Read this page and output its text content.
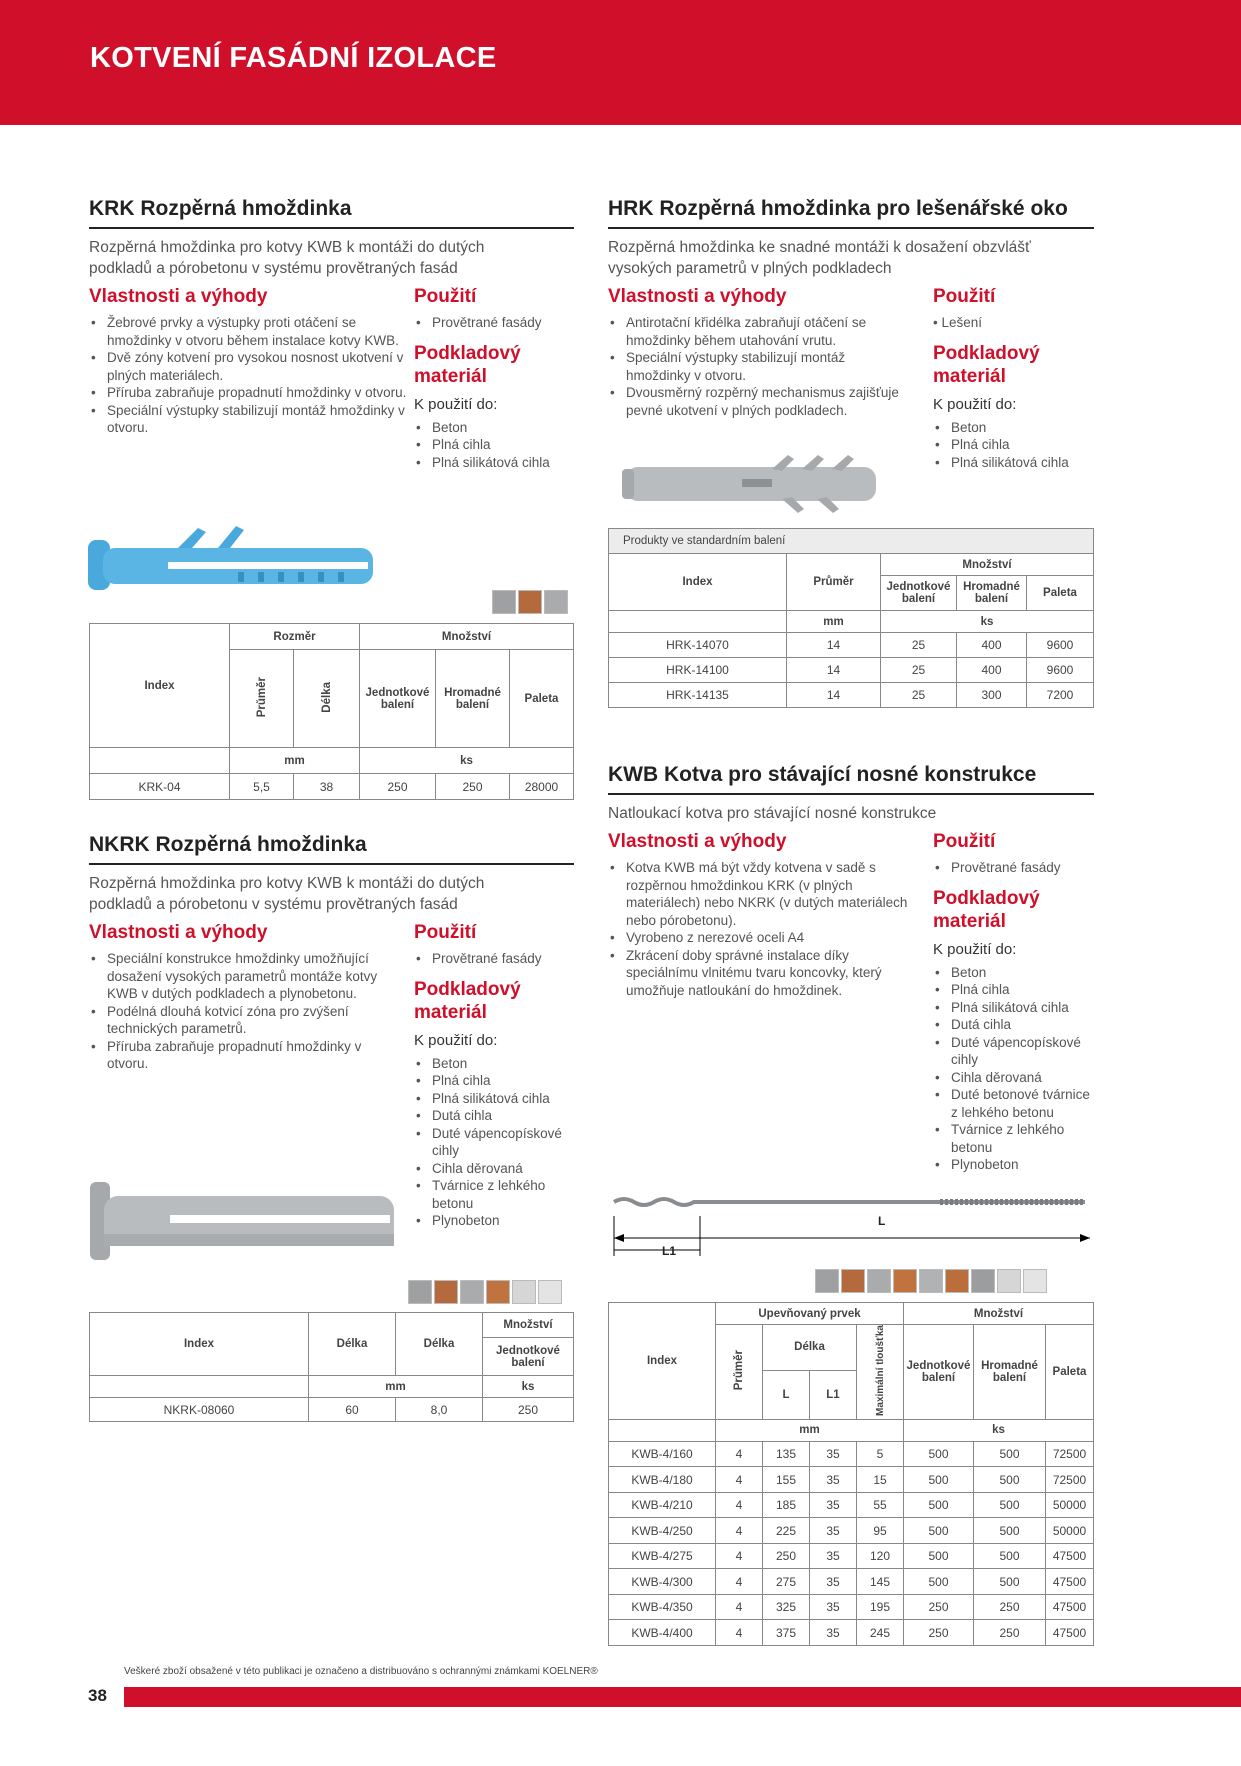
KOTVENÍ FASÁDNÍ IZOLACE
KRK Rozpěrná hmoždinka
Rozpěrná hmoždinka pro kotvy KWB k montáži do dutých
podkladů a pórobetonu v systému provětraných fasád
Vlastnosti a výhody
• Žebrové prvky a výstupky proti otáčení se hmoždinky v otvoru během instalace kotvy KWB.
• Dvě zóny kotvení pro vysokou nosnost ukotvení v plných materiálech.
• Příruba zabraňuje propadnutí hmoždinky v otvoru.
• Speciální výstupky stabilizují montáž hmoždinky v otvoru.
Použití
• Provětrané fasády
Podkladový
materiál
K použití do:
• Beton
• Plná cihla
• Plná silikátová cihla
Index	Rozměr		Množství		
	Průměr	Délka	Jednotkové balení	Hromadné balení	Paleta
	mm		ks		
KRK-04	5,5	38	250	250	28000
HRK Rozpěrná hmoždinka pro lešenářské oko
Rozpěrná hmoždinka ke snadné montáži k dosažení obzvlášť
vysokých parametrů v plných podkladech
Vlastnosti a výhody
• Antirotační křidélka zabraňují otáčení se hmoždinky během utahování vrutu.
• Speciální výstupky stabilizují montáž hmoždinky v otvoru.
• Dvousměrný rozpěrný mechanismus zajišťuje pevné ukotvení v plných podkladech.
Použití
• Lešení
Podkladový
materiál
K použití do:
• Beton
• Plná cihla
• Plná silikátová cihla
Produkty ve standardním balení				
Index	Průměr	Množství		
		Jednotkové balení	Hromadné balení	Paleta
	mm	ks		
HRK-14070	14	25	400	9600
HRK-14100	14	25	400	9600
HRK-14135	14	25	300	7200
NKRK Rozpěrná hmoždinka
Rozpěrná hmoždinka pro kotvy KWB k montáži do dutých
podkladů a pórobetonu v systému provětraných fasád
Vlastnosti a výhody
• Speciální konstrukce hmoždinky umožňující dosažení vysokých parametrů montáže kotvy KWB v dutých podkladech a plynobetonu.
• Podélná dlouhá kotvicí zóna pro zvýšení technických parametrů.
• Příruba zabraňuje propadnutí hmoždinky v otvoru.
Použití
• Provětrané fasády
Podkladový
materiál
K použití do:
• Beton
• Plná cihla
• Plná silikátová cihla
• Dutá cihla
• Duté vápencopískové cihly
• Cihla děrovaná
• Tvárnice z lehkého betonu
• Plynobeton
Index	Délka	Délka	Množství
			Jednotkové balení
	mm		ks
NKRK-08060	60	8,0	250
KWB Kotva pro stávající nosné konstrukce
Natloukací kotva pro stávající nosné konstrukce
Vlastnosti a výhody
• Kotva KWB má být vždy kotvena v sadě s rozpěrnou hmoždinkou KRK (v plných materiálech) nebo NKRK (v dutých materiálech nebo pórobetonu).
• Vyrobeno z nerezové oceli A4
• Zkrácení doby správné instalace díky speciálnímu vlnitému tvaru koncovky, který umožňuje natloukání do hmoždinek.
Použití
• Provětrané fasády
Podkladový
materiál
K použití do:
• Beton
• Plná cihla
• Plná silikátová cihla
• Dutá cihla
• Duté vápencopískové cihly
• Cihla děrovaná
• Duté betonové tvárnice z lehkého betonu
• Tvárnice z lehkého betonu
• Plynobeton
L
L1
Index	Upevňovaný prvek				Množství		
	Průměr	Délka		Maximální tloušťka	Jednotkové balení	Hromadné balení	Paleta
		L	L1				
	mm				ks		
KWB-4/160	4	135	35	5	500	500	72500
KWB-4/180	4	155	35	15	500	500	72500
KWB-4/210	4	185	35	55	500	500	50000
KWB-4/250	4	225	35	95	500	500	50000
KWB-4/275	4	250	35	120	500	500	47500
KWB-4/300	4	275	35	145	500	500	47500
KWB-4/350	4	325	35	195	250	250	47500
KWB-4/400	4	375	35	245	250	250	47500
Veškeré zboží obsažené v této publikaci je označeno a distribuováno s ochrannými známkami KOELNER®
38
